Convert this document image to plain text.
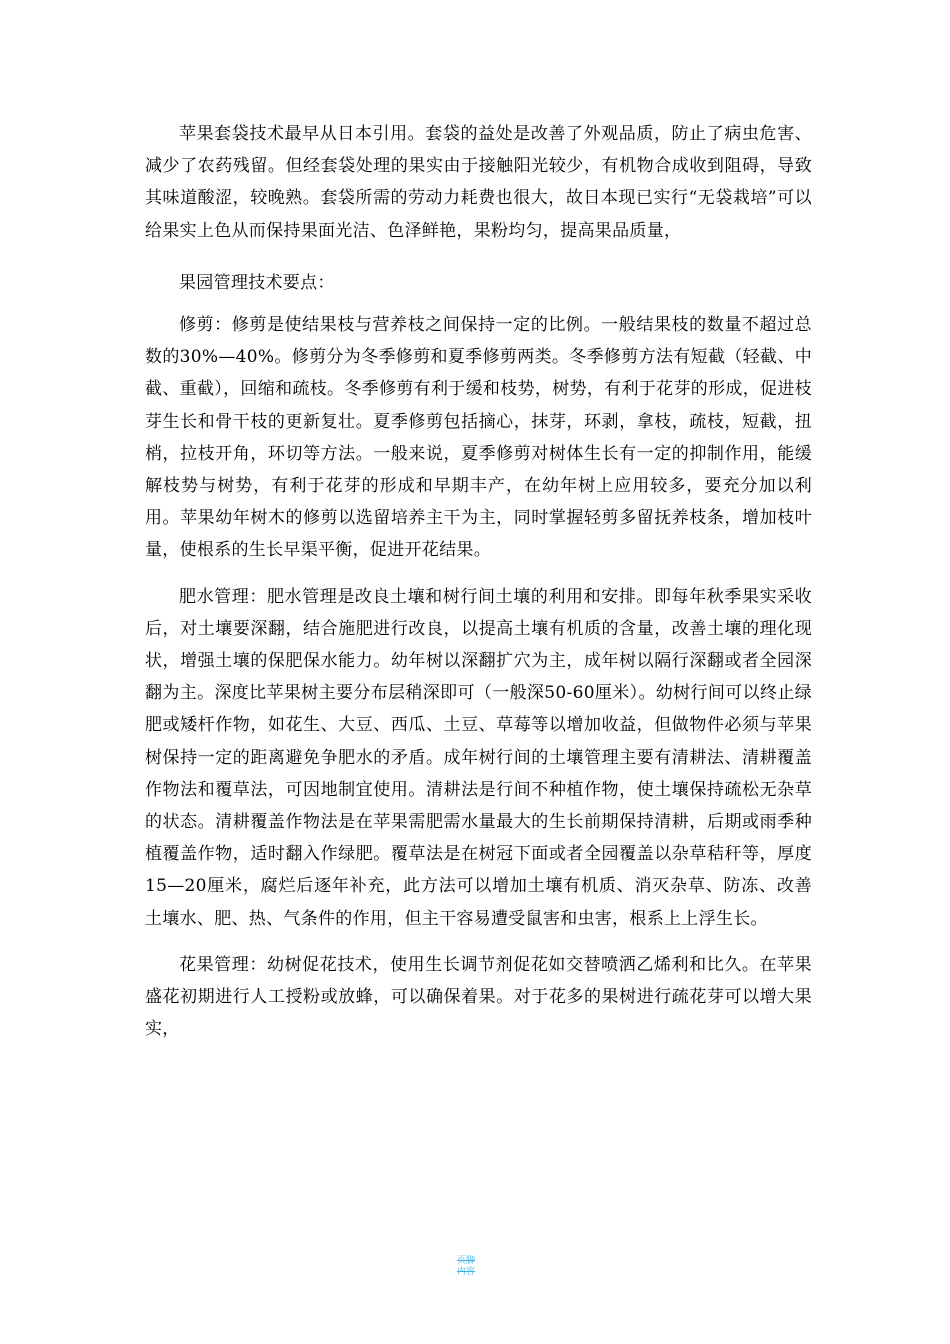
苹果套袋技术最早从日本引用。套袋的益处是改善了外观品质，防止了病虫危害、减少了农药残留。但经套袋处理的果实由于接触阳光较少，有机物合成收到阻碍，导致其味道酸涩，较晚熟。套袋所需的劳动力耗费也很大，故日本现已实行“无袋栽培”可以给果实上色从而保持果面光洁、色泽鲜艳，果粉均匀，提高果品质量，

果园管理技术要点：

修剪：修剪是使结果枝与营养枝之间保持一定的比例。一般结果枝的数量不超过总数的30%—40%。修剪分为冬季修剪和夏季修剪两类。冬季修剪方法有短截（轻截、中截、重截），回缩和疏枝。冬季修剪有利于缓和枝势，树势，有利于花芽的形成，促进枝芽生长和骨干枝的更新复壮。夏季修剪包括摘心，抹芽，环剥，拿枝，疏枝，短截，扭梢，拉枝开角，环切等方法。一般来说，夏季修剪对树体生长有一定的抑制作用，能缓解枝势与树势，有利于花芽的形成和早期丰产，在幼年树上应用较多，要充分加以利用。苹果幼年树木的修剪以选留培养主干为主，同时掌握轻剪多留抚养枝条，增加枝叶量，使根系的生长早渠平衡，促进开花结果。

肥水管理：肥水管理是改良土壤和树行间土壤的利用和安排。即每年秋季果实采收后，对土壤要深翻，结合施肥进行改良，以提高土壤有机质的含量，改善土壤的理化现状，增强土壤的保肥保水能力。幼年树以深翻扩穴为主，成年树以隔行深翻或者全园深翻为主。深度比苹果树主要分布层稍深即可（一般深50-60厘米）。幼树行间可以终止绿肥或矮杆作物，如花生、大豆、西瓜、土豆、草莓等以增加收益，但做物件必须与苹果树保持一定的距离避免争肥水的矛盾。成年树行间的土壤管理主要有清耕法、清耕覆盖作物法和覆草法，可因地制宜使用。清耕法是行间不种植作物，使土壤保持疏松无杂草的状态。清耕覆盖作物法是在苹果需肥需水量最大的生长前期保持清耕，后期或雨季种植覆盖作物，适时翻入作绿肥。覆草法是在树冠下面或者全园覆盖以杂草秸秆等，厚度15—20厘米，腐烂后逐年补充，此方法可以增加土壤有机质、消灭杂草、防冻、改善土壤水、肥、热、气条件的作用，但主干容易遭受鼠害和虫害，根系上上浮生长。

花果管理：幼树促花技术，使用生长调节剂促花如交替喷洒乙烯利和比久。在苹果盛花初期进行人工授粉或放蜂，可以确保着果。对于花多的果树进行疏花芽可以增大果实，

页脚内容
